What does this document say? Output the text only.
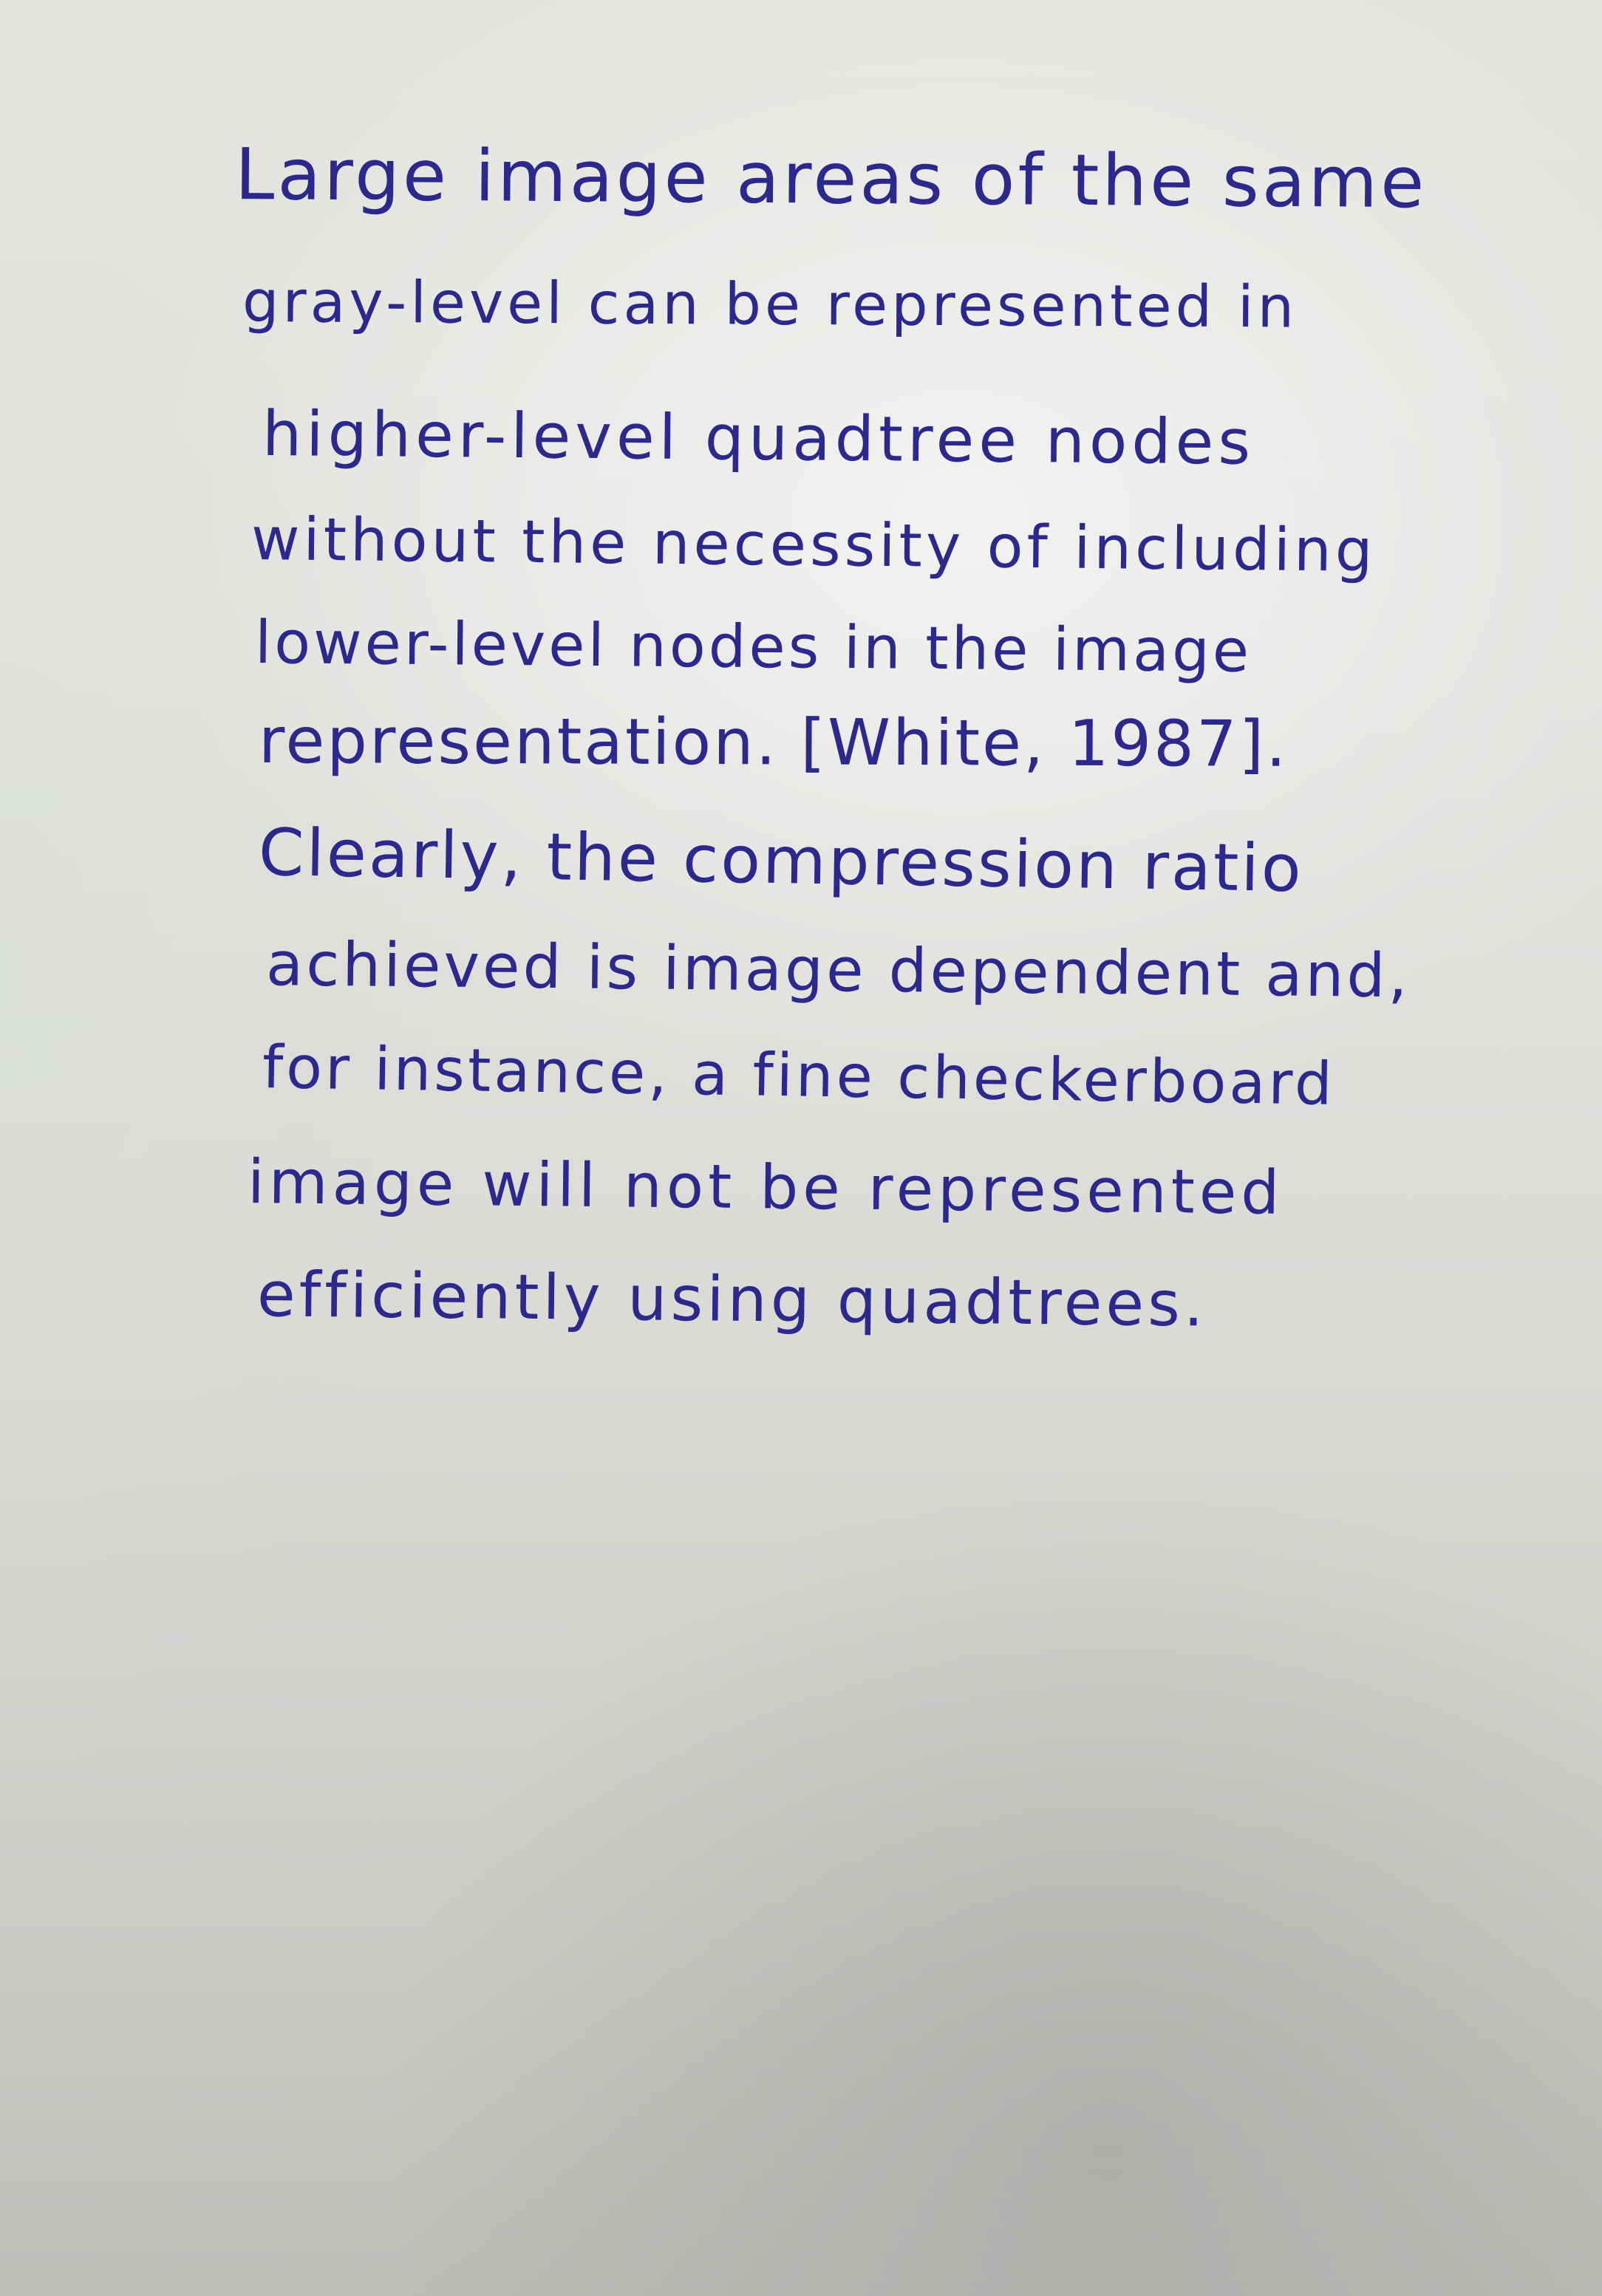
Large image areas of the same
gray-level can be represented in
higher-level quadtree nodes
without the necessity of including
lower-level nodes in the image
representation. [White, 1987].
Clearly, the compression ratio
achieved is image dependent and,
for instance, a fine checkerboard
image will not be represented
efficiently using quadtrees.
